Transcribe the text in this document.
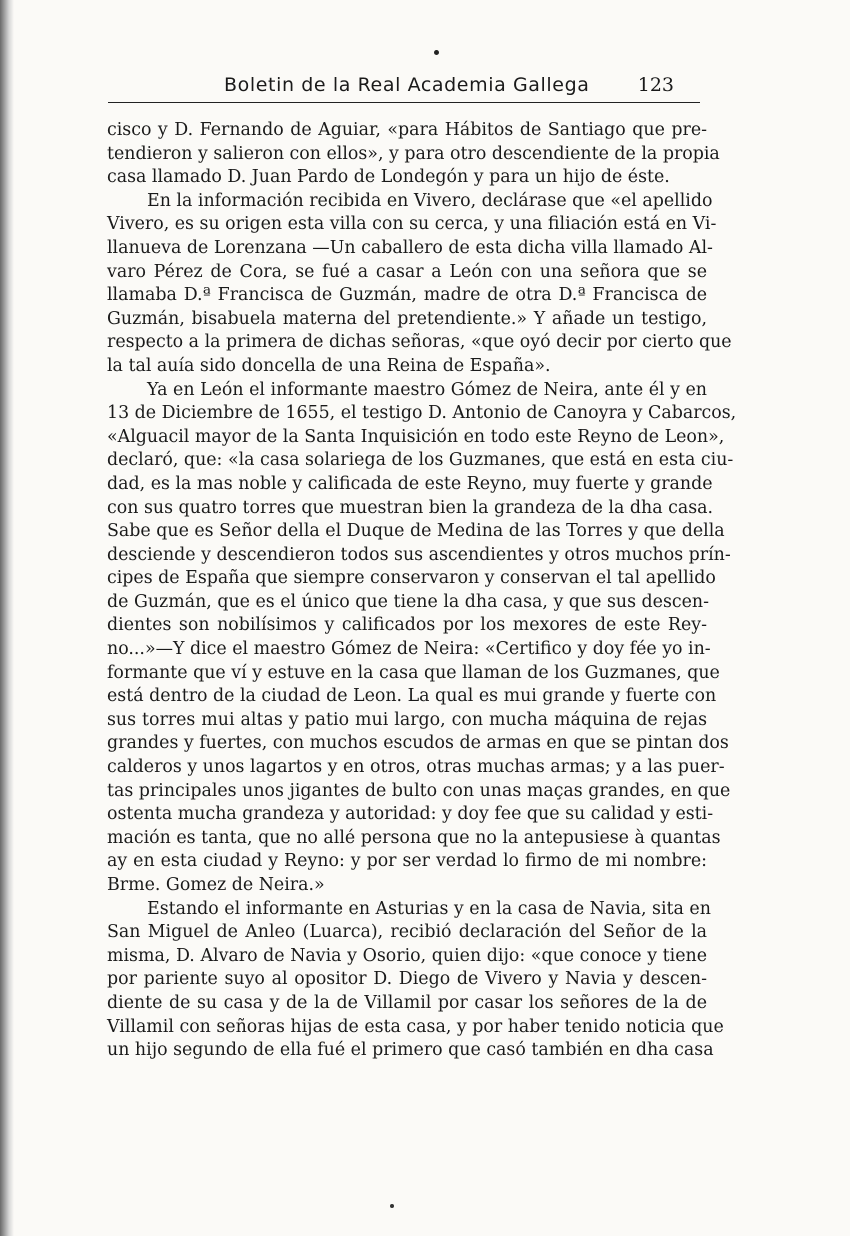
Boletin de la Real Academia Gallega	123
cisco y D. Fernando de Aguiar, «para Hábitos de Santiago que pre-
tendieron y salieron con ellos», y para otro descendiente de la propia
casa llamado D. Juan Pardo de Londegón y para un hijo de éste.
En la información recibida en Vivero, declárase que «el apellido
Vivero, es su origen esta villa con su cerca, y una filiación está en Vi-
llanueva de Lorenzana —Un caballero de esta dicha villa llamado Al-
varo Pérez de Cora, se fué a casar a León con una señora que se
llamaba D.ª Francisca de Guzmán, madre de otra D.ª Francisca de
Guzmán, bisabuela materna del pretendiente.» Y añade un testigo,
respecto a la primera de dichas señoras, «que oyó decir por cierto que
la tal auía sido doncella de una Reina de España».
Ya en León el informante maestro Gómez de Neira, ante él y en
13 de Diciembre de 1655, el testigo D. Antonio de Canoyra y Cabarcos,
«Alguacil mayor de la Santa Inquisición en todo este Reyno de Leon»,
declaró, que: «la casa solariega de los Guzmanes, que está en esta ciu-
dad, es la mas noble y calificada de este Reyno, muy fuerte y grande
con sus quatro torres que muestran bien la grandeza de la dha casa.
Sabe que es Señor della el Duque de Medina de las Torres y que della
desciende y descendieron todos sus ascendientes y otros muchos prín-
cipes de España que siempre conservaron y conservan el tal apellido
de Guzmán, que es el único que tiene la dha casa, y que sus descen-
dientes son nobilísimos y calificados por los mexores de este Rey-
no...»—Y dice el maestro Gómez de Neira: «Certifico y doy fée yo in-
formante que ví y estuve en la casa que llaman de los Guzmanes, que
está dentro de la ciudad de Leon. La qual es mui grande y fuerte con
sus torres mui altas y patio mui largo, con mucha máquina de rejas
grandes y fuertes, con muchos escudos de armas en que se pintan dos
calderos y unos lagartos y en otros, otras muchas armas; y a las puer-
tas principales unos jigantes de bulto con unas maças grandes, en que
ostenta mucha grandeza y autoridad: y doy fee que su calidad y esti-
mación es tanta, que no allé persona que no la antepusiese à quantas
ay en esta ciudad y Reyno: y por ser verdad lo firmo de mi nombre:
Brme. Gomez de Neira.»
Estando el informante en Asturias y en la casa de Navia, sita en
San Miguel de Anleo (Luarca), recibió declaración del Señor de la
misma, D. Alvaro de Navia y Osorio, quien dijo: «que conoce y tiene
por pariente suyo al opositor D. Diego de Vivero y Navia y descen-
diente de su casa y de la de Villamil por casar los señores de la de
Villamil con señoras hijas de esta casa, y por haber tenido noticia que
un hijo segundo de ella fué el primero que casó también en dha casa
